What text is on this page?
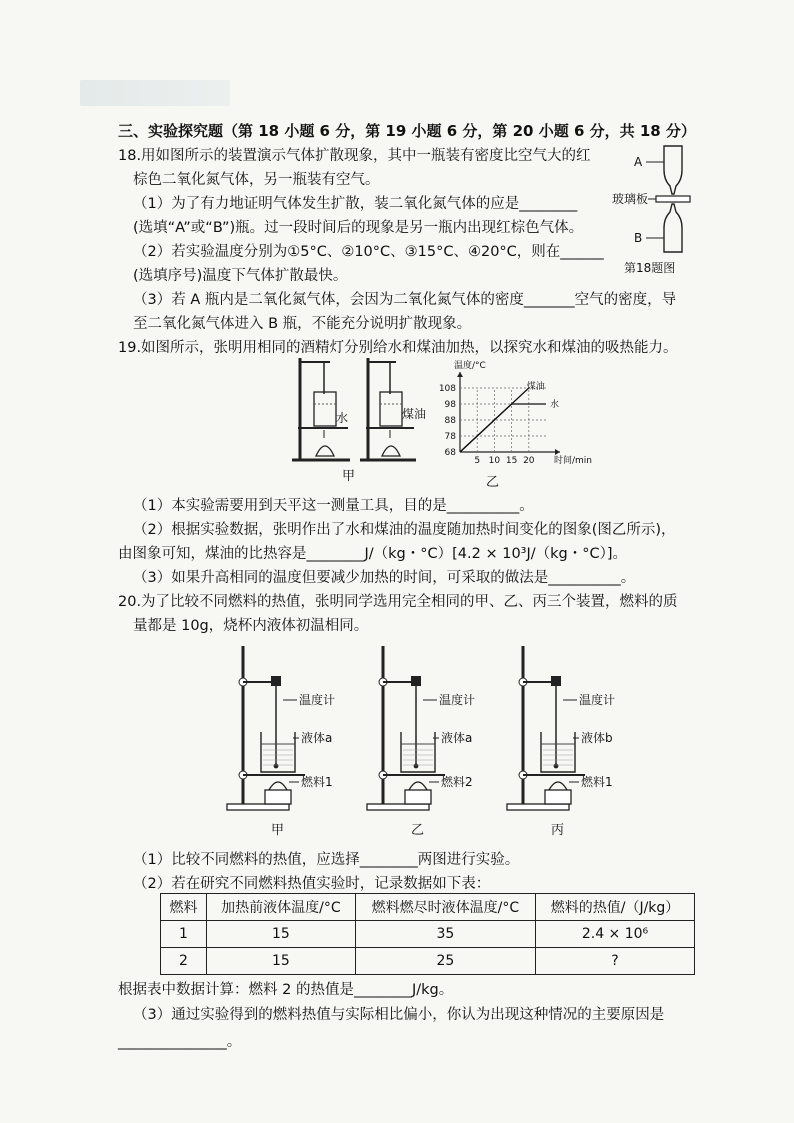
三、实验探究题（第 18 小题 6 分，第 19 小题 6 分，第 20 小题 6 分，共 18 分）
18.用如图所示的装置演示气体扩散现象，其中一瓶装有密度比空气大的红
棕色二氧化氮气体，另一瓶装有空气。
（1）为了有力地证明气体发生扩散，装二氧化氮气体的应是________
(选填“A”或“B”)瓶。过一段时间后的现象是另一瓶内出现红棕色气体。
（2）若实验温度分别为①5°C、②10°C、③15°C、④20°C，则在______
(选填序号)温度下气体扩散最快。
（3）若 A 瓶内是二氧化氮气体，会因为二氧化氮气体的密度_______空气的密度，导
至二氧化氮气体进入 B 瓶，不能充分说明扩散现象。
A
玻璃板
B
第18题图
19.如图所示，张明用相同的酒精灯分别给水和煤油加热，以探究水和煤油的吸热能力。
水	煤油
甲
68
78
88
98
108
5 10 15 20
温度/°C
时间/min
煤油
水
乙
（1）本实验需要用到天平这一测量工具，目的是__________。
（2）根据实验数据，张明作出了水和煤油的温度随加热时间变化的图象(图乙所示)，
由图象可知，煤油的比热容是________J/（kg・°C）[4.2 × 10³J/（kg・°C）]。
（3）如果升高相同的温度但要减少加热的时间，可采取的做法是__________。
20.为了比较不同燃料的热值，张明同学选用完全相同的甲、乙、丙三个装置，燃料的质
量都是 10g，烧杯内液体初温相同。
温度计
液体a
燃料1
甲
温度计
液体a
燃料2
乙
温度计
液体b
燃料1
丙
（1）比较不同燃料的热值，应选择________两图进行实验。
（2）若在研究不同燃料热值实验时，记录数据如下表：
燃料	加热前液体温度/°C	燃料燃尽时液体温度/°C	燃料的热值/（J/kg）
1	15	35	2.4 × 10⁶
2	15	25	?
根据表中数据计算：燃料 2 的热值是________J/kg。
（3）通过实验得到的燃料热值与实际相比偏小，你认为出现这种情况的主要原因是
_______________。
